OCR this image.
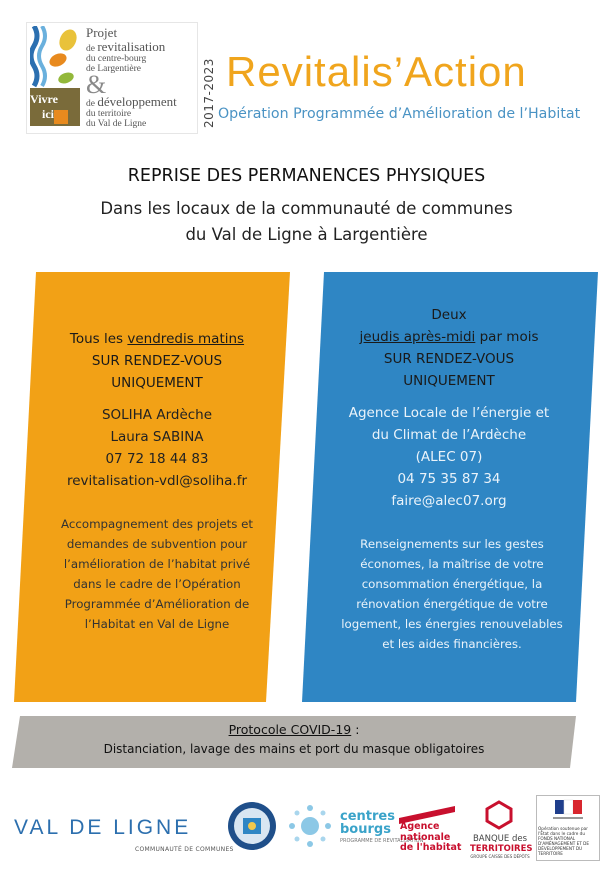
Vivre
ici
Projet
de revitalisation
du centre-bourg
de Largentière
&
de développement
du territoire
du Val de Ligne	2017-2023 Revitalis’Action
Opération Programmée d’Amélioration de l’Habitat
REPRISE DES PERMANENCES PHYSIQUES
Dans les locaux de la communauté de communes
du Val de Ligne à Largentière
Tous les vendredis matins
SUR RENDEZ-VOUS
UNIQUEMENT
SOLIHA Ardèche
Laura SABINA
07 72 18 44 83
revitalisation-vdl@soliha.fr
Accompagnement des projets et demandes de subvention pour l’amélioration de l’habitat privé dans le cadre de l’Opération Programmée d’Amélioration de l’Habitat en Val de Ligne
Deux
jeudis après-midi par mois
SUR RENDEZ-VOUS
UNIQUEMENT
Agence Locale de l’énergie et
du Climat de l’Ardèche
(ALEC 07)
04 75 35 87 34
faire@alec07.org
Renseignements sur les gestes économes, la maîtrise de votre consommation énergétique, la rénovation énergétique de votre logement, les énergies renouvelables et les aides financières.
Protocole COVID-19 :
Distanciation, lavage des mains et port du masque obligatoires
VAL DE LIGNE
COMMUNAUTÉ DE COMMUNES
centres
bourgs
PROGRAMME DE REVITALISATION
Agence
nationale
de l'habitat
BANQUE des
TERRITOIRES
GROUPE CAISSE DES DÉPÔTS
Opération soutenue par l'État dans le cadre du FONDS NATIONAL D'AMÉNAGEMENT ET DE DÉVELOPPEMENT DU TERRITOIRE
